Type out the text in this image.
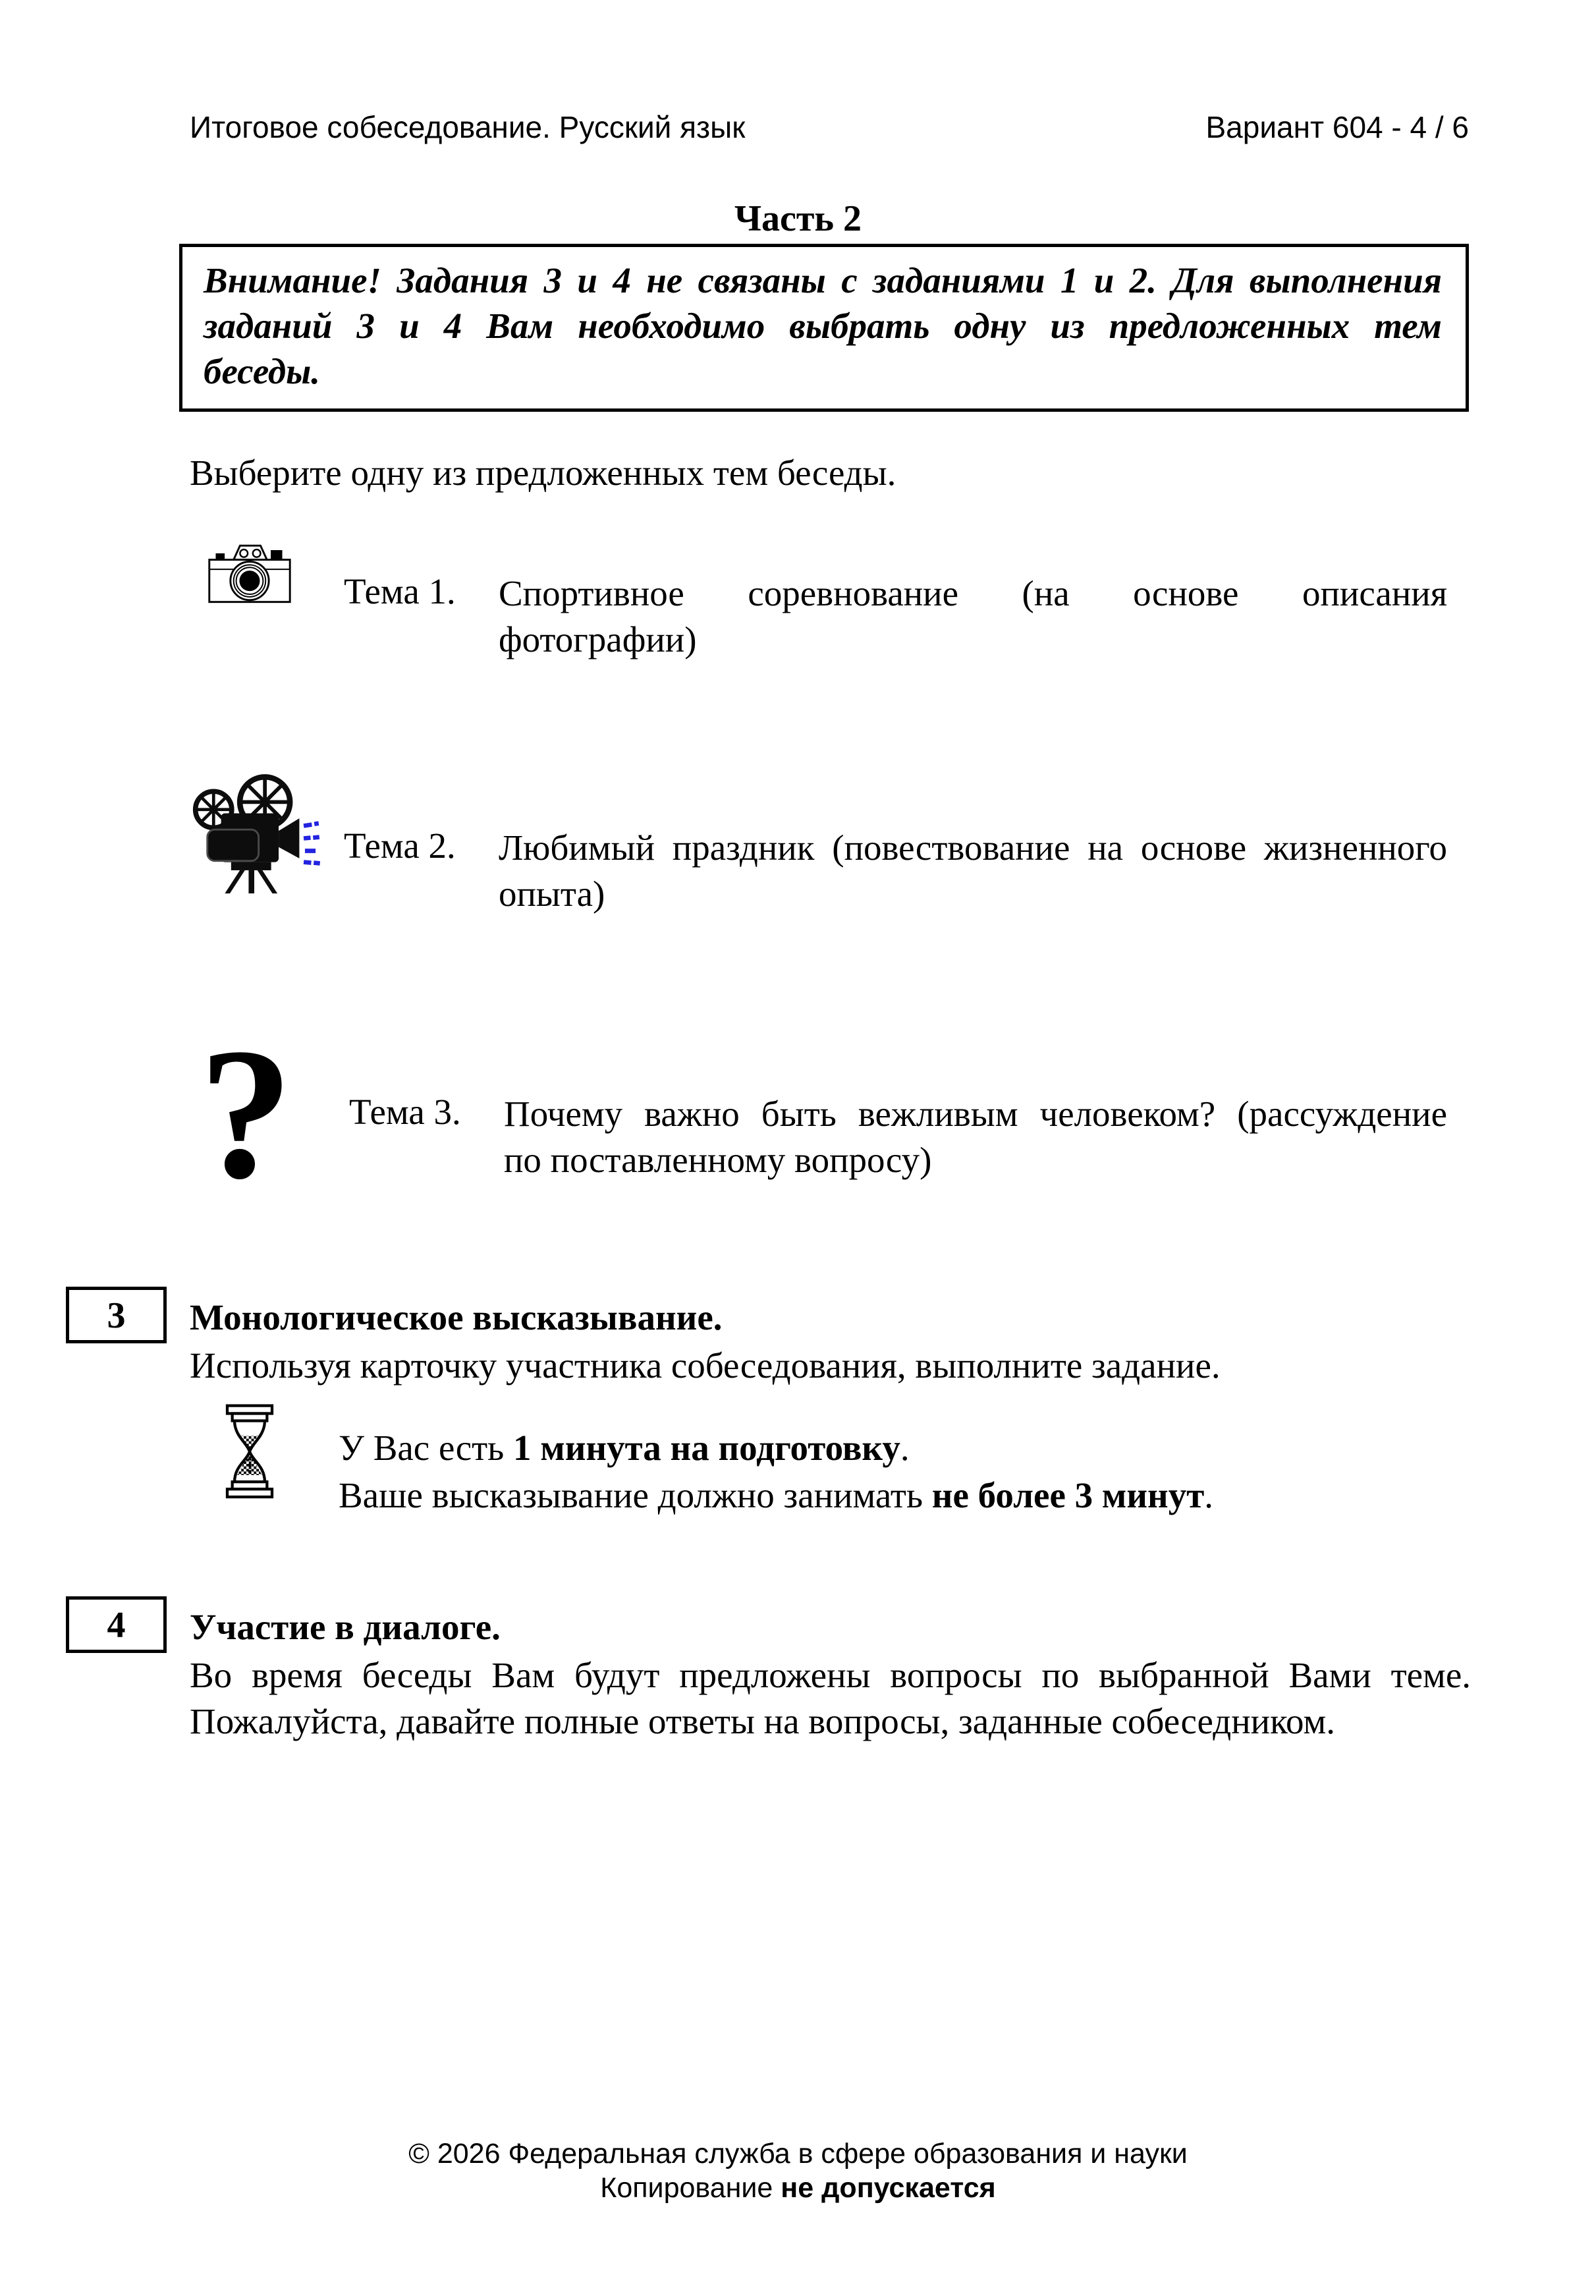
Итоговое собеседование. Русский язык	Вариант 604 - 4 / 6
Часть 2
Внимание! Задания 3 и 4 не связаны с заданиями 1 и 2. Для выполнения
заданий 3 и 4 Вам необходимо выбрать одну из предложенных тем
беседы.
Выберите одну из предложенных тем беседы.
Тема 1. Спортивное соревнование (на основе описания
фотографии)
Тема 2. Любимый праздник (повествование на основе жизненного
опыта)
? Тема 3. Почему важно быть вежливым человеком? (рассуждение
по поставленному вопросу)
3	Монологическое высказывание.
Используя карточку участника собеседования, выполните задание.
У Вас есть 1 минута на подготовку.
Ваше высказывание должно занимать не более 3 минут.
4	Участие в диалоге.
Во время беседы Вам будут предложены вопросы по выбранной Вами теме.
Пожалуйста, давайте полные ответы на вопросы, заданные собеседником.
© 2026 Федеральная служба в сфере образования и науки
Копирование не допускается
